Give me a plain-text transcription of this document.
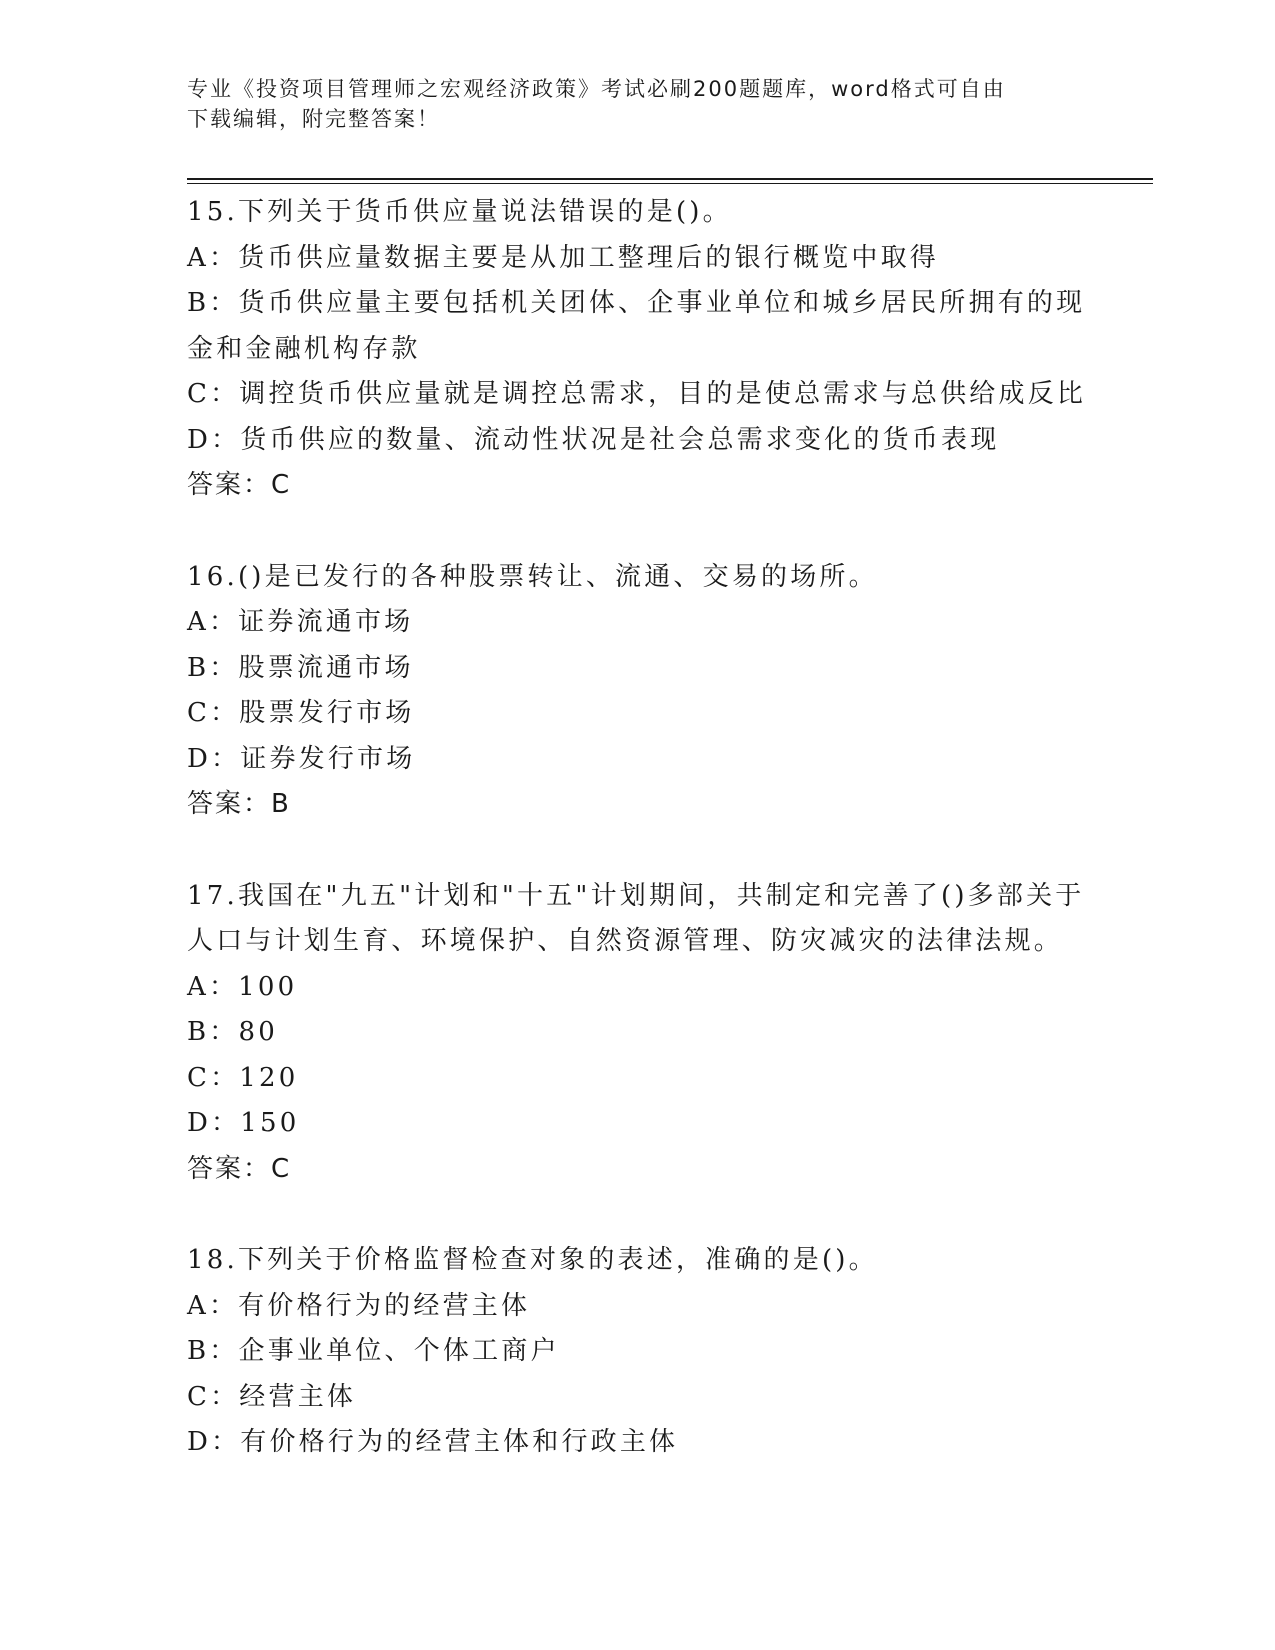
专业《投资项目管理师之宏观经济政策》考试必刷200题题库，word格式可自由
下载编辑，附完整答案！
15.下列关于货币供应量说法错误的是()。
A：货币供应量数据主要是从加工整理后的银行概览中取得
B：货币供应量主要包括机关团体、企事业单位和城乡居民所拥有的现
金和金融机构存款
C：调控货币供应量就是调控总需求，目的是使总需求与总供给成反比
D：货币供应的数量、流动性状况是社会总需求变化的货币表现
答案：C
16.()是已发行的各种股票转让、流通、交易的场所。
A：证券流通市场
B：股票流通市场
C：股票发行市场
D：证券发行市场
答案：B
17.我国在"九五"计划和"十五"计划期间，共制定和完善了()多部关于
人口与计划生育、环境保护、自然资源管理、防灾减灾的法律法规。
A：100
B：80
C：120
D：150
答案：C
18.下列关于价格监督检查对象的表述，准确的是()。
A：有价格行为的经营主体
B：企事业单位、个体工商户
C：经营主体
D：有价格行为的经营主体和行政主体
